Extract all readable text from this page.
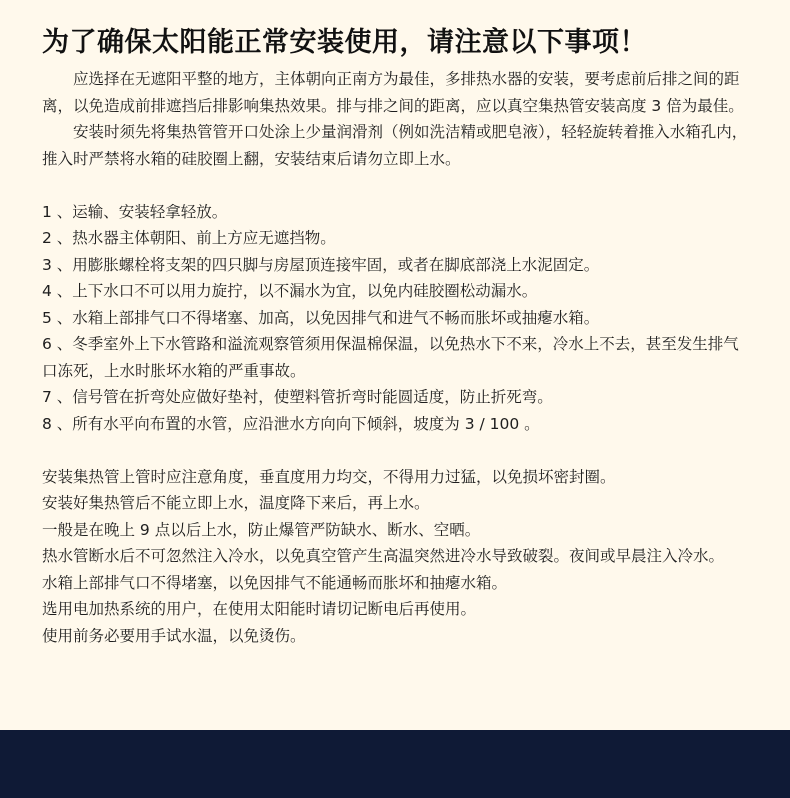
为了确保太阳能正常安装使用，请注意以下事项！

应选择在无遮阳平整的地方，主体朝向正南方为最佳，多排热水器的安装，要考虑前后排之间的距离，以免造成前排遮挡后排影响集热效果。排与排之间的距离，应以真空集热管安装高度 3 倍为最佳。

安装时须先将集热管管开口处涂上少量润滑剂（例如洗洁精或肥皂液），轻轻旋转着推入水箱孔内，推入时严禁将水箱的硅胶圈上翻，安装结束后请勿立即上水。

1 、运输、安装轻拿轻放。

2 、热水器主体朝阳、前上方应无遮挡物。

3 、用膨胀螺栓将支架的四只脚与房屋顶连接牢固，或者在脚底部浇上水泥固定。

4 、上下水口不可以用力旋拧，以不漏水为宜，以免内硅胶圈松动漏水。

5 、水箱上部排气口不得堵塞、加高，以免因排气和进气不畅而胀坏或抽瘪水箱。

6 、冬季室外上下水管路和溢流观察管须用保温棉保温，以免热水下不来，冷水上不去，甚至发生排气口冻死，上水时胀坏水箱的严重事故。

7 、信号管在折弯处应做好垫衬，使塑料管折弯时能圆适度，防止折死弯。

8 、所有水平向布置的水管，应沿泄水方向向下倾斜，坡度为 3 / 100 。

安装集热管上管时应注意角度，垂直度用力均交，不得用力过猛，以免损坏密封圈。

安装好集热管后不能立即上水，温度降下来后，再上水。

一般是在晚上 9 点以后上水，防止爆管严防缺水、断水、空晒。

热水管断水后不可忽然注入冷水，以免真空管产生高温突然进冷水导致破裂。夜间或早晨注入冷水。

水箱上部排气口不得堵塞，以免因排气不能通畅而胀坏和抽瘪水箱。

选用电加热系统的用户，在使用太阳能时请切记断电后再使用。

使用前务必要用手试水温，以免烫伤。
